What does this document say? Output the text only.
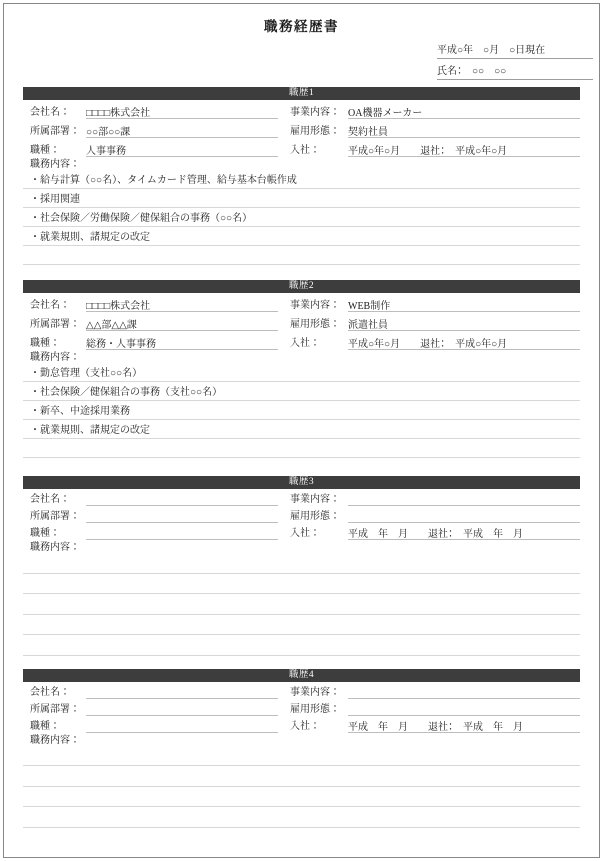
職務経歴書
平成○年　○月　○日現在
氏名：　○○　○○
職歴1
会社名：	□□□□株式会社	事業内容： OA機器メーカー
所属部署： ○○部○○課	雇用形態： 契約社員
職種：	人事事務	入社：	平成○年○月　　退社：　平成○年○月
職務内容：
・給与計算（○○名）、タイムカード管理、給与基本台帳作成
・採用関連
・社会保険／労働保険／健保組合の事務（○○名）
・就業規則、諸規定の改定
職歴2
会社名：	□□□□株式会社	事業内容： WEB制作
所属部署： △△部△△課	雇用形態： 派遣社員
職種：	総務・人事事務	入社：	平成○年○月　　退社：　平成○年○月
職務内容：
・勤怠管理（支社○○名）
・社会保険／健保組合の事務（支社○○名）
・新卒、中途採用業務
・就業規則、諸規定の改定
職歴3
会社名：	事業内容：
所属部署：	雇用形態：
職種：	入社：	平成　年　月　　退社：　平成　年　月
職務内容：
職歴4
会社名：	事業内容：
所属部署：	雇用形態：
職種：	入社：	平成　年　月　　退社：　平成　年　月
職務内容：
